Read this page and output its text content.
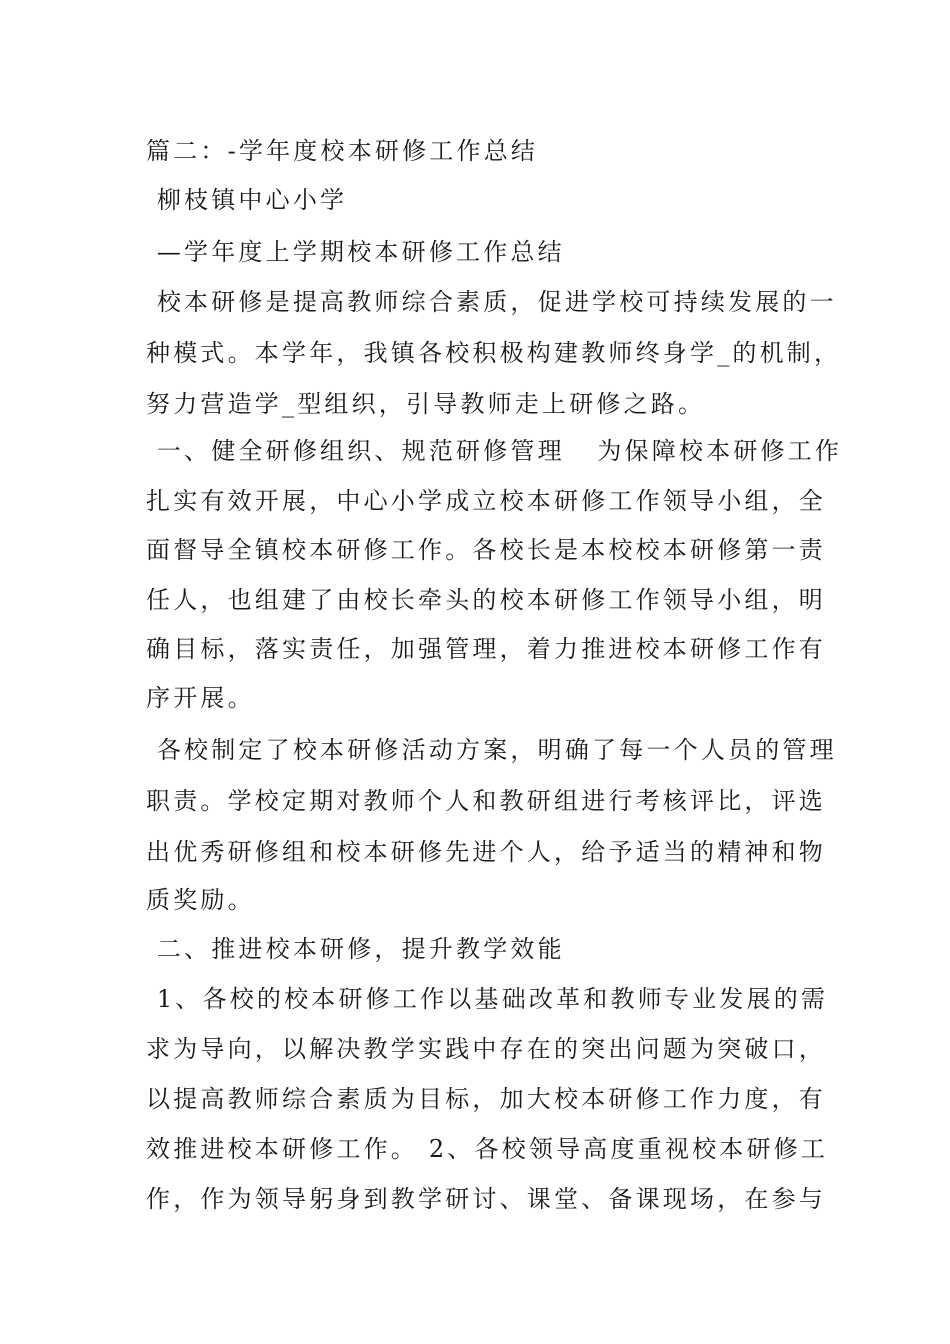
篇二：-学年度校本研修工作总结
柳枝镇中心小学
—学年度上学期校本研修工作总结
校本研修是提高教师综合素质，促进学校可持续发展的一
种模式。本学年，我镇各校积极构建教师终身学_的机制，
努力营造学_型组织，引导教师走上研修之路。
一、健全研修组织、规范研修管理   为保障校本研修工作
扎实有效开展，中心小学成立校本研修工作领导小组，全
面督导全镇校本研修工作。各校长是本校校本研修第一责
任人，也组建了由校长牵头的校本研修工作领导小组，明
确目标，落实责任，加强管理，着力推进校本研修工作有
序开展。
各校制定了校本研修活动方案，明确了每一个人员的管理
职责。学校定期对教师个人和教研组进行考核评比，评选
出优秀研修组和校本研修先进个人，给予适当的精神和物
质奖励。
二、推进校本研修，提升教学效能
1、各校的校本研修工作以基础改革和教师专业发展的需
求为导向，以解决教学实践中存在的突出问题为突破口，
以提高教师综合素质为目标，加大校本研修工作力度，有
效推进校本研修工作。 2、各校领导高度重视校本研修工
作，作为领导躬身到教学研讨、课堂、备课现场，在参与
